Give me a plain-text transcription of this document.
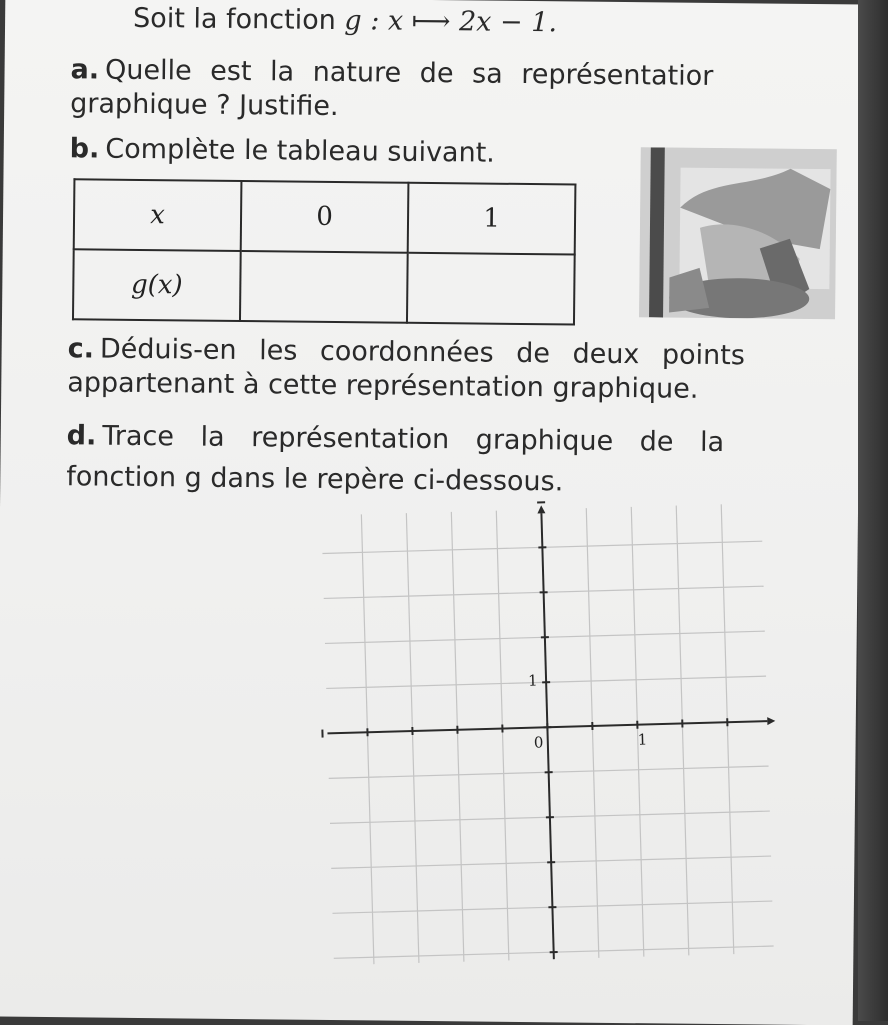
Soit la fonction g : x ⟼ 2x − 1.
a. Quelle est la nature de sa représentatior
graphique ? Justifie.
b. Complète le tableau suivant.
x	0	1
g(x)		
c. Déduis-en les coordonnées de deux points
appartenant à cette représentation graphique.
d. Trace la représentation graphique de la
fonction g dans le repère ci-dessous.
0	1
1
